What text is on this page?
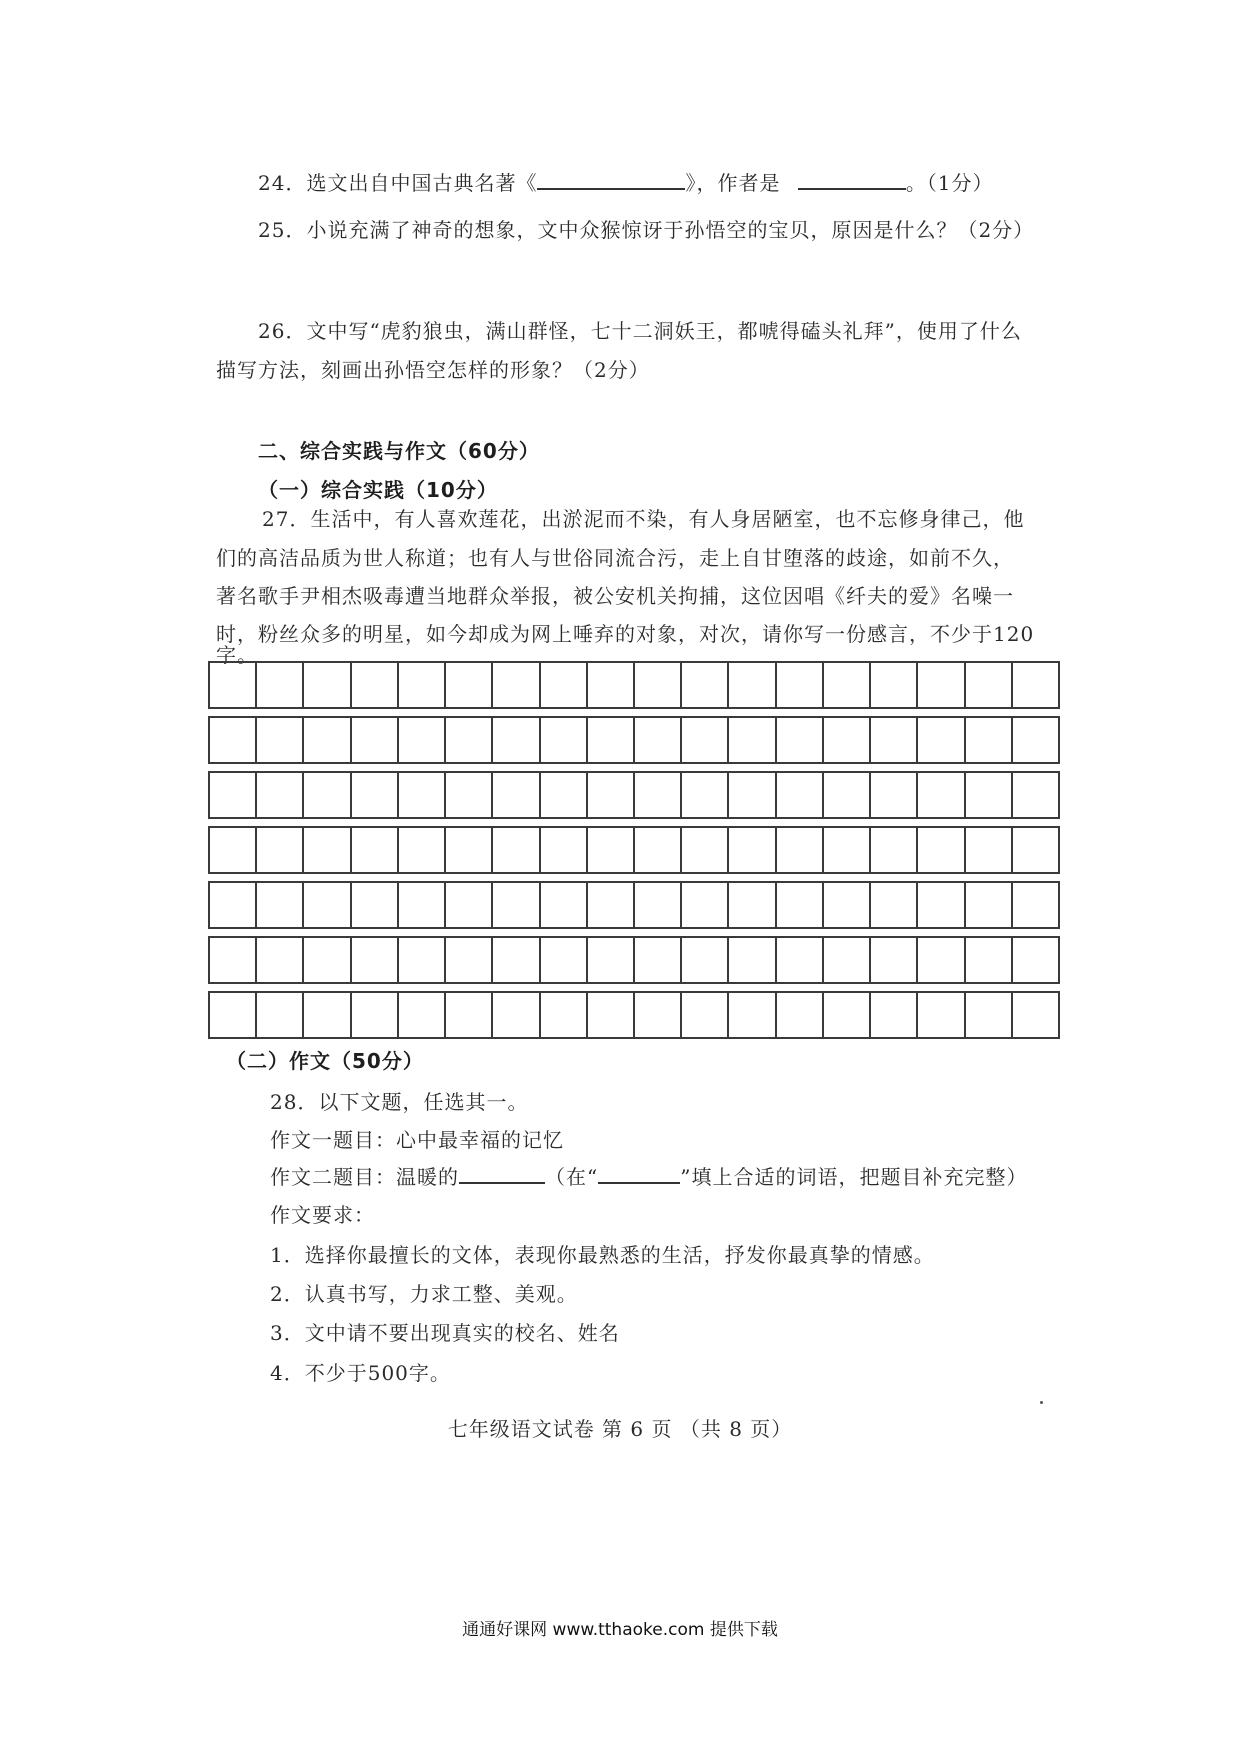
24．选文出自中国古典名著《	》，作者是	。（1分）
25．小说充满了神奇的想象，文中众猴惊讶于孙悟空的宝贝，原因是什么？（2分）
26．文中写“虎豹狼虫，满山群怪，七十二洞妖王，都唬得磕头礼拜”，使用了什么
描写方法，刻画出孙悟空怎样的形象？（2分）
二、综合实践与作文（60分）
（一）综合实践（10分）
27．生活中，有人喜欢莲花，出淤泥而不染，有人身居陋室，也不忘修身律己，他
们的高洁品质为世人称道；也有人与世俗同流合污，走上自甘堕落的歧途，如前不久，
著名歌手尹相杰吸毒遭当地群众举报，被公安机关拘捕，这位因唱《纤夫的爱》名噪一
时，粉丝众多的明星，如今却成为网上唾弃的对象，对次，请你写一份感言，不少于120
字。
（二）作文（50分）
28．以下文题，任选其一。
作文一题目：心中最幸福的记忆
作文二题目：温暖的	（在“	”填上合适的词语，把题目补充完整）
作文要求：
1．选择你最擅长的文体，表现你最熟悉的生活，抒发你最真挚的情感。
2．认真书写，力求工整、美观。
3．文中请不要出现真实的校名、姓名
4．不少于500字。
七年级语文试卷 第 6 页 （共 8 页）
通通好课网 www.tthaoke.com 提供下载
